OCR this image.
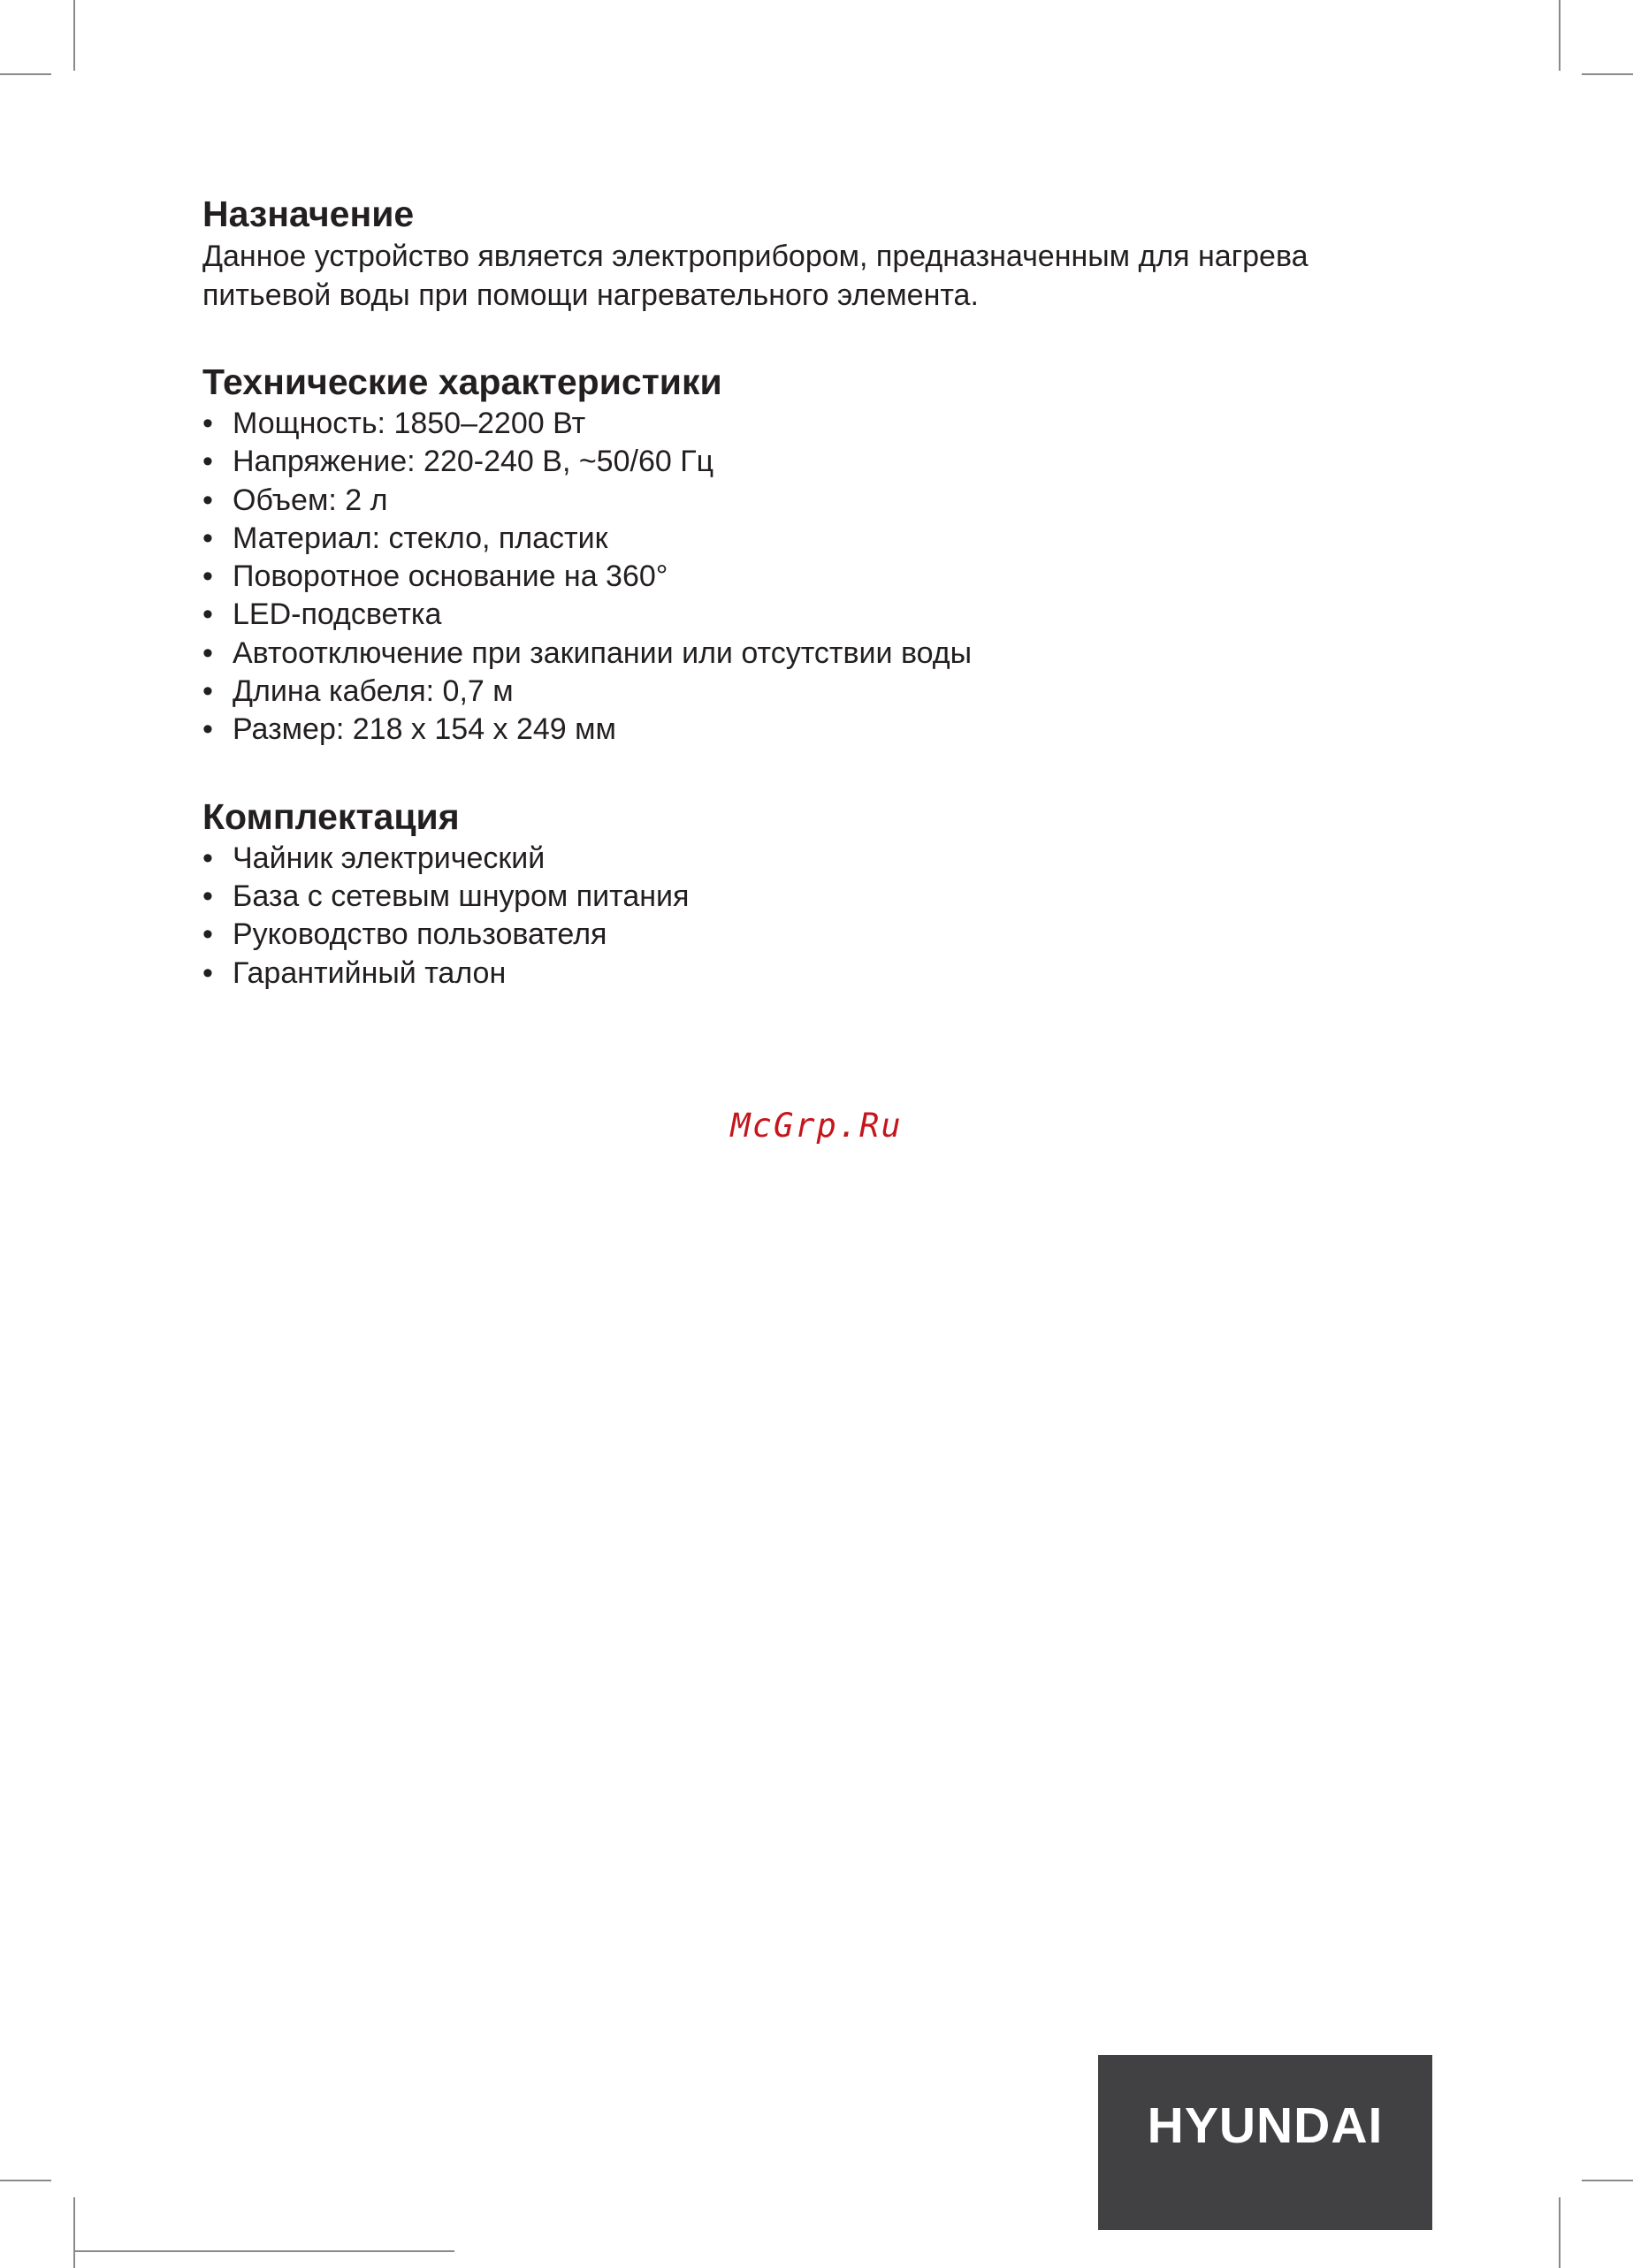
Назначение

Данное устройство является электроприбором, предназначенным для нагрева питьевой воды при помощи нагревательного элемента.

Технические характеристики
• Мощность: 1850–2200 Вт
• Напряжение: 220-240 В, ~50/60 Гц
• Объем: 2 л
• Материал: стекло, пластик
• Поворотное основание на 360°
• LED-подсветка
• Автоотключение при закипании или отсутствии воды
• Длина кабеля: 0,7 м
• Размер: 218 х 154 х 249 мм
Комплектация
• Чайник электрический
• База с сетевым шнуром питания
• Руководство пользователя
• Гарантийный талон
McGrp.Ru
HYUNDAI
